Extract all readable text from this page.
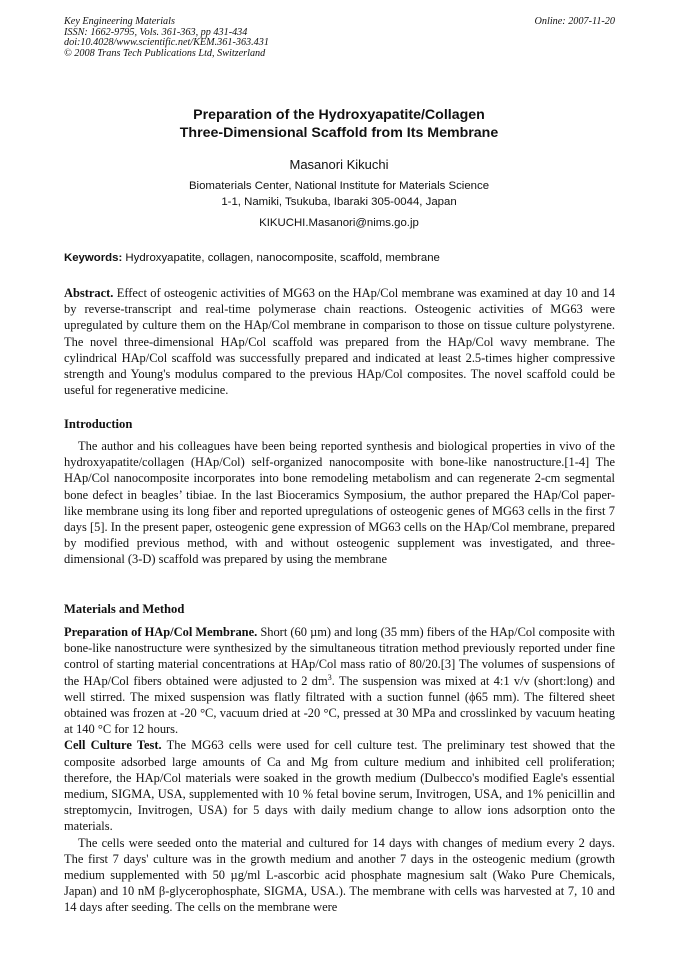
Key Engineering Materials
ISSN: 1662-9795, Vols. 361-363, pp 431-434
doi:10.4028/www.scientific.net/KEM.361-363.431
© 2008 Trans Tech Publications Ltd, Switzerland
Online: 2007-11-20
Preparation of the Hydroxyapatite/Collagen
Three-Dimensional Scaffold from Its Membrane
Masanori Kikuchi
Biomaterials Center, National Institute for Materials Science
1-1, Namiki, Tsukuba, Ibaraki 305-0044, Japan
KIKUCHI.Masanori@nims.go.jp
Keywords: Hydroxyapatite, collagen, nanocomposite, scaffold, membrane

Abstract. Effect of osteogenic activities of MG63 on the HAp/Col membrane was examined at day 10 and 14 by reverse-transcript and real-time polymerase chain reactions. Osteogenic activities of MG63 were upregulated by culture them on the HAp/Col membrane in comparison to those on tissue culture polystyrene. The novel three-dimensional HAp/Col scaffold was prepared from the HAp/Col wavy membrane. The cylindrical HAp/Col scaffold was successfully prepared and indicated at least 2.5-times higher compressive strength and Young's modulus compared to the previous HAp/Col composites. The novel scaffold could be useful for regenerative medicine.

Introduction

The author and his colleagues have been being reported synthesis and biological properties in vivo of the hydroxyapatite/collagen (HAp/Col) self-organized nanocomposite with bone-like nanostructure.[1-4] The HAp/Col nanocomposite incorporates into bone remodeling metabolism and can regenerate 2-cm segmental bone defect in beagles’ tibiae. In the last Bioceramics Symposium, the author prepared the HAp/Col paper-like membrane using its long fiber and reported upregulations of osteogenic genes of MG63 cells in the first 7 days [5]. In the present paper, osteogenic gene expression of MG63 cells on the HAp/Col membrane, prepared by modified previous method, with and without osteogenic supplement was investigated, and three-dimensional (3-D) scaffold was prepared by using the membrane

Materials and Method

Preparation of HAp/Col Membrane. Short (60 µm) and long (35 mm) fibers of the HAp/Col composite with bone-like nanostructure were synthesized by the simultaneous titration method previously reported under fine control of starting material concentrations at HAp/Col mass ratio of 80/20.[3] The volumes of suspensions of the HAp/Col fibers obtained were adjusted to 2 $dm^3$. The suspension was mixed at 4:1 v/v (short:long) and well stirred. The mixed suspension was flatly filtrated with a suction funnel (ϕ65 mm). The filtered sheet obtained was frozen at -20 °C, vacuum dried at -20 °C, pressed at 30 MPa and crosslinked by vacuum heating at 140 °C for 12 hours.

Cell Culture Test. The MG63 cells were used for cell culture test. The preliminary test showed that the composite adsorbed large amounts of Ca and Mg from culture medium and inhibited cell proliferation; therefore, the HAp/Col materials were soaked in the growth medium (Dulbecco's modified Eagle's essential medium, SIGMA, USA, supplemented with 10 % fetal bovine serum, Invitrogen, USA, and 1% penicillin and streptomycin, Invitrogen, USA) for 5 days with daily medium change to allow ions adsorption onto the materials.

The cells were seeded onto the material and cultured for 14 days with changes of medium every 2 days. The first 7 days' culture was in the growth medium and another 7 days in the osteogenic medium (growth medium supplemented with 50 µg/ml L-ascorbic acid phosphate magnesium salt (Wako Pure Chemicals, Japan) and 10 nM β-glycerophosphate, SIGMA, USA.). The membrane with cells was harvested at 7, 10 and 14 days after seeding. The cells on the membrane were
